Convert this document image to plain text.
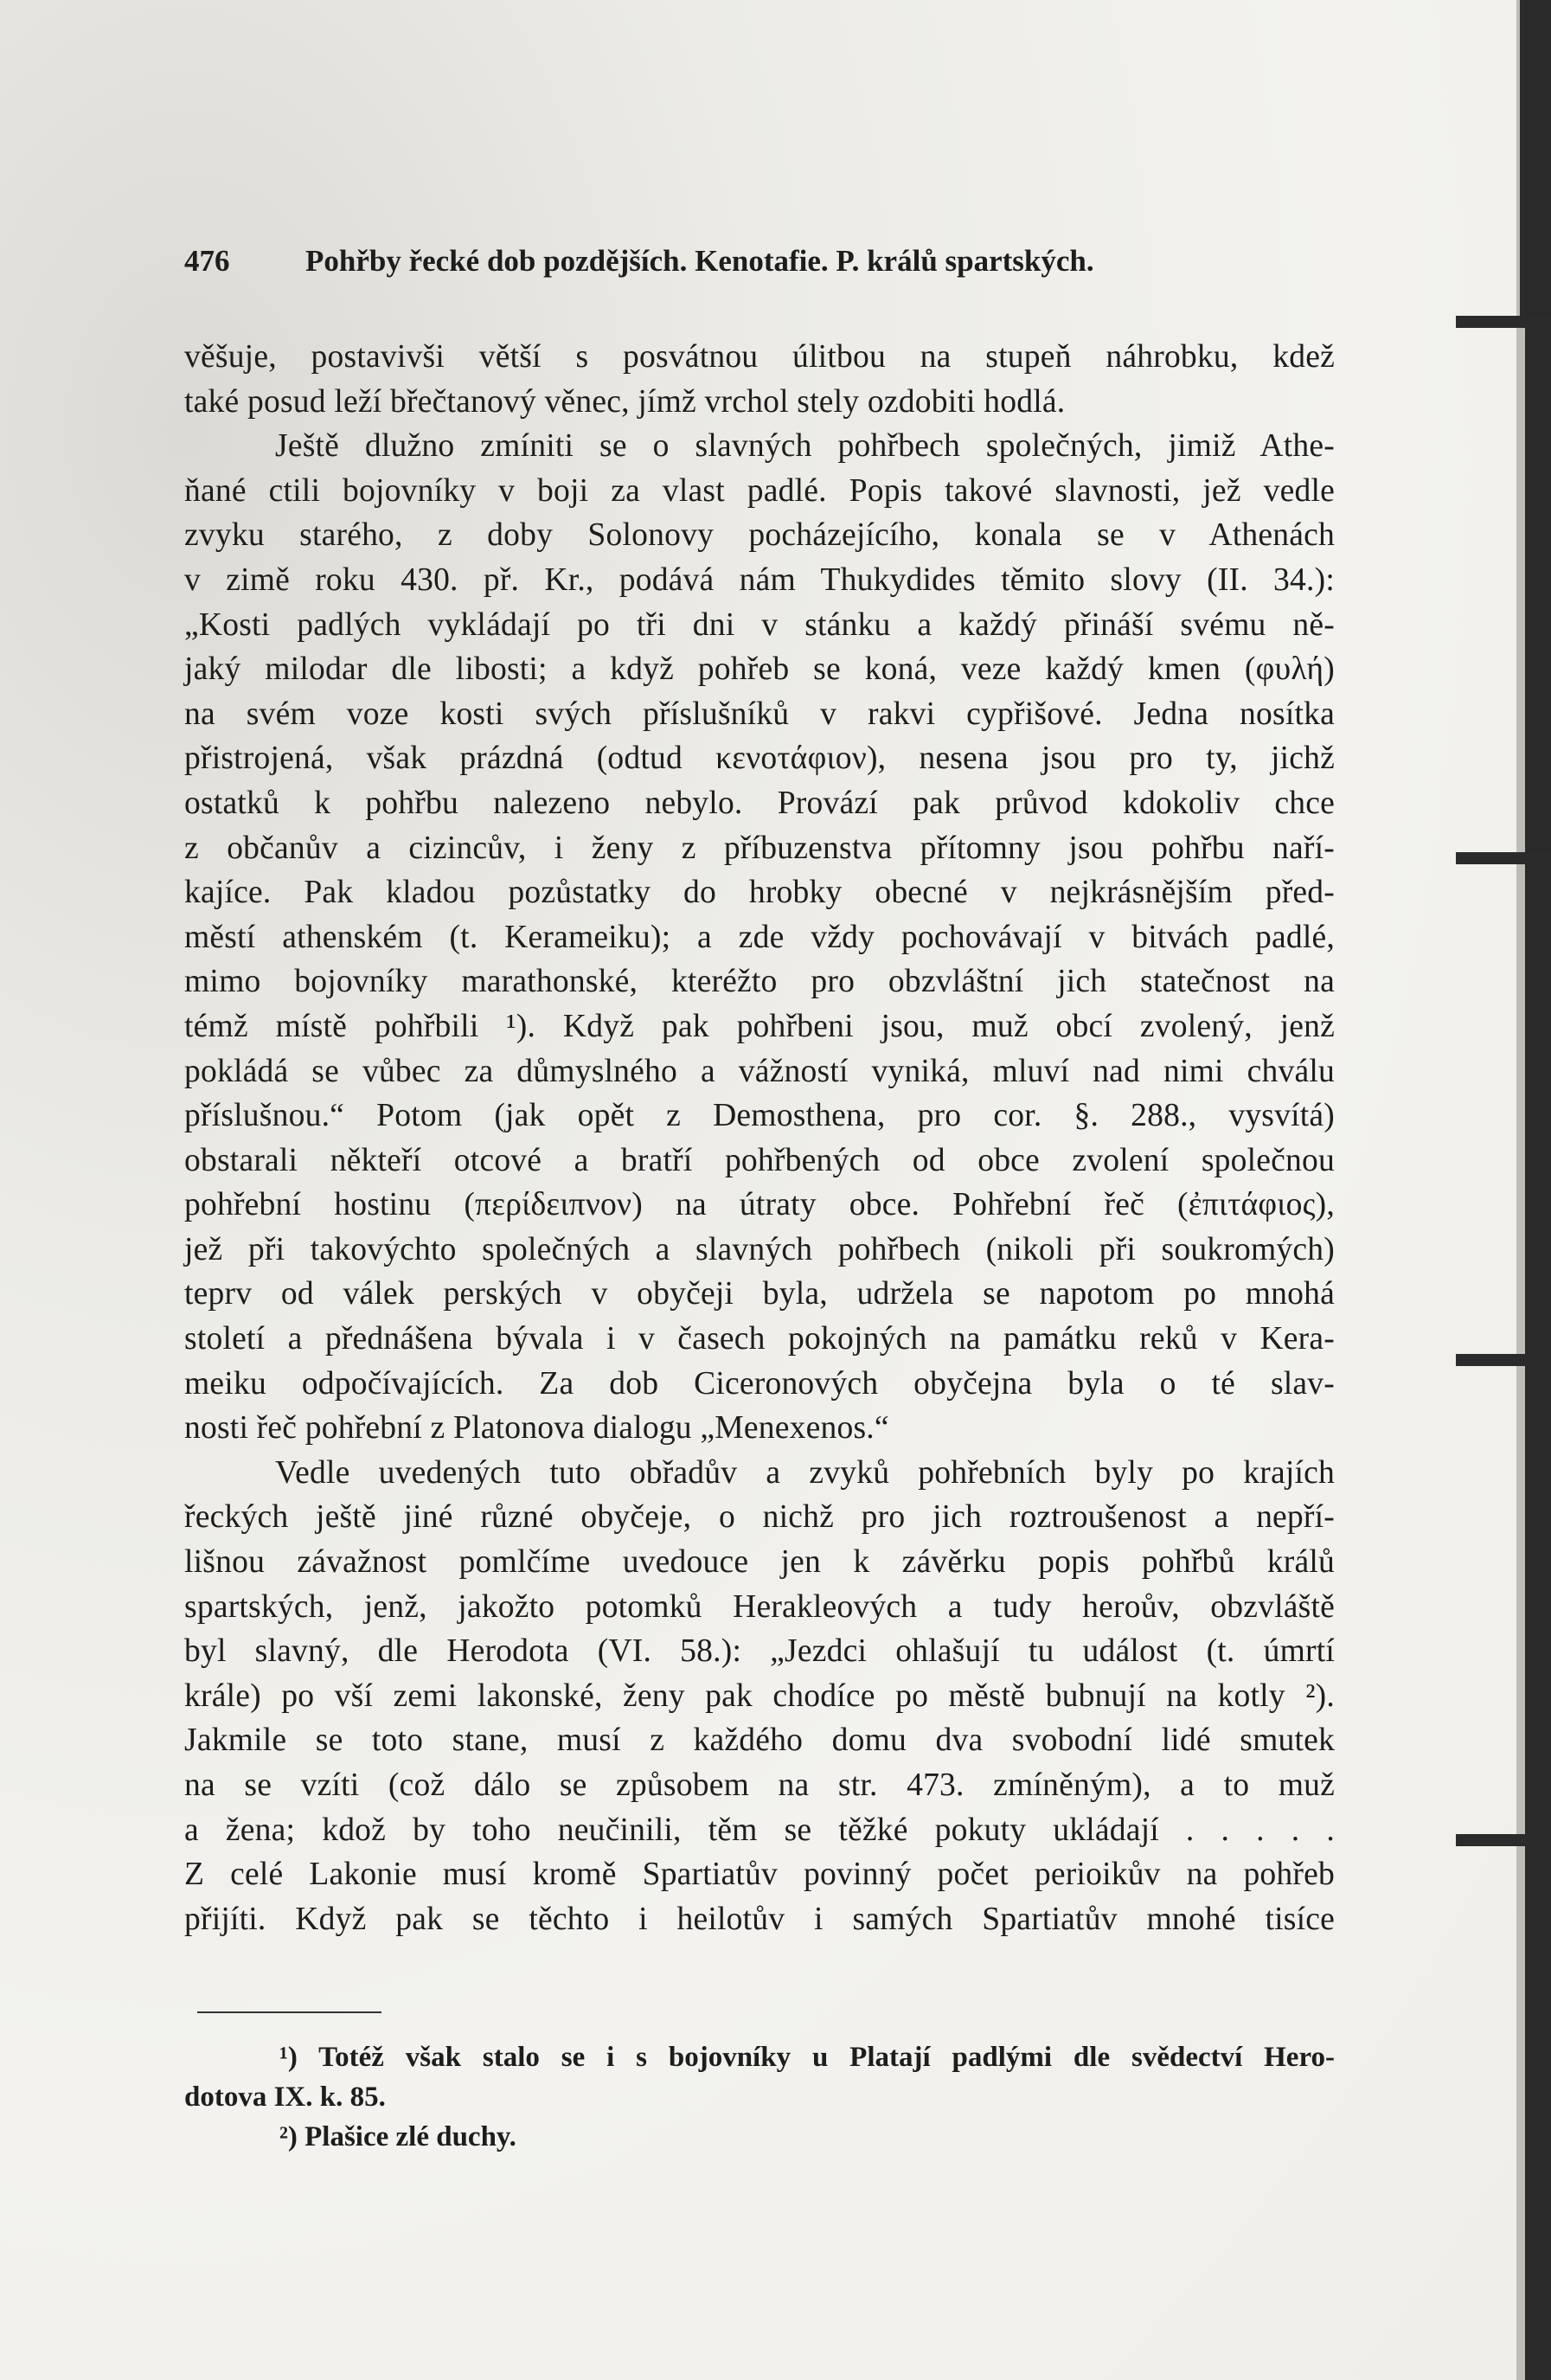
476	Pohřby řecké dob pozdějších. Kenotafie. P. králů spartských.
věšuje, postavivši větší s posvátnou úlitbou na stupeň náhrobku, kdež
také posud leží břečtanový věnec, jímž vrchol stely ozdobiti hodlá.
Ještě dlužno zmíniti se o slavných pohřbech společných, jimiž Athe-
ňané ctili bojovníky v boji za vlast padlé. Popis takové slavnosti, jež vedle
zvyku starého, z doby Solonovy pocházejícího, konala se v Athenách
v zimě roku 430. př. Kr., podává nám Thukydides těmito slovy (II. 34.):
„Kosti padlých vykládají po tři dni v stánku a každý přináší svému ně-
jaký milodar dle libosti; a když pohřeb se koná, veze každý kmen (φυλή)
na svém voze kosti svých příslušníků v rakvi cypřišové. Jedna nosítka
přistrojená, však prázdná (odtud κενοτάφιον), nesena jsou pro ty, jichž
ostatků k pohřbu nalezeno nebylo. Provází pak průvod kdokoliv chce
z občanův a cizincův, i ženy z příbuzenstva přítomny jsou pohřbu naří-
kajíce. Pak kladou pozůstatky do hrobky obecné v nejkrásnějším před-
městí athenském (t. Kerameiku); a zde vždy pochovávají v bitvách padlé,
mimo bojovníky marathonské, kteréžto pro obzvláštní jich statečnost na
témž místě pohřbili ¹). Když pak pohřbeni jsou, muž obcí zvolený, jenž
pokládá se vůbec za důmyslného a vážností vyniká, mluví nad nimi chválu
příslušnou.“ Potom (jak opět z Demosthena, pro cor. §. 288., vysvítá)
obstarali někteří otcové a bratří pohřbených od obce zvolení společnou
pohřební hostinu (περίδειπνον) na útraty obce. Pohřební řeč (ἐπιτάφιος),
jež při takovýchto společných a slavných pohřbech (nikoli při soukromých)
teprv od válek perských v obyčeji byla, udržela se napotom po mnohá
století a přednášena bývala i v časech pokojných na památku reků v Kera-
meiku odpočívajících. Za dob Ciceronových obyčejna byla o té slav-
nosti řeč pohřební z Platonova dialogu „Menexenos.“
Vedle uvedených tuto obřadův a zvyků pohřebních byly po krajích
řeckých ještě jiné různé obyčeje, o nichž pro jich roztroušenost a nepří-
lišnou závažnost pomlčíme uvedouce jen k závěrku popis pohřbů králů
spartských, jenž, jakožto potomků Herakleových a tudy heroův, obzvláště
byl slavný, dle Herodota (VI. 58.): „Jezdci ohlašují tu událost (t. úmrtí
krále) po vší zemi lakonské, ženy pak chodíce po městě bubnují na kotly ²).
Jakmile se toto stane, musí z každého domu dva svobodní lidé smutek
na se vzíti (což dálo se způsobem na str. 473. zmíněným), a to muž
a žena; kdož by toho neučinili, těm se těžké pokuty ukládají . . . . .
Z celé Lakonie musí kromě Spartiatův povinný počet perioikův na pohřeb
přijíti. Když pak se těchto i heilotův i samých Spartiatův mnohé tisíce
¹) Totéž však stalo se i s bojovníky u Platají padlými dle svědectví Hero-
dotova IX. k. 85.
²) Plašice zlé duchy.
